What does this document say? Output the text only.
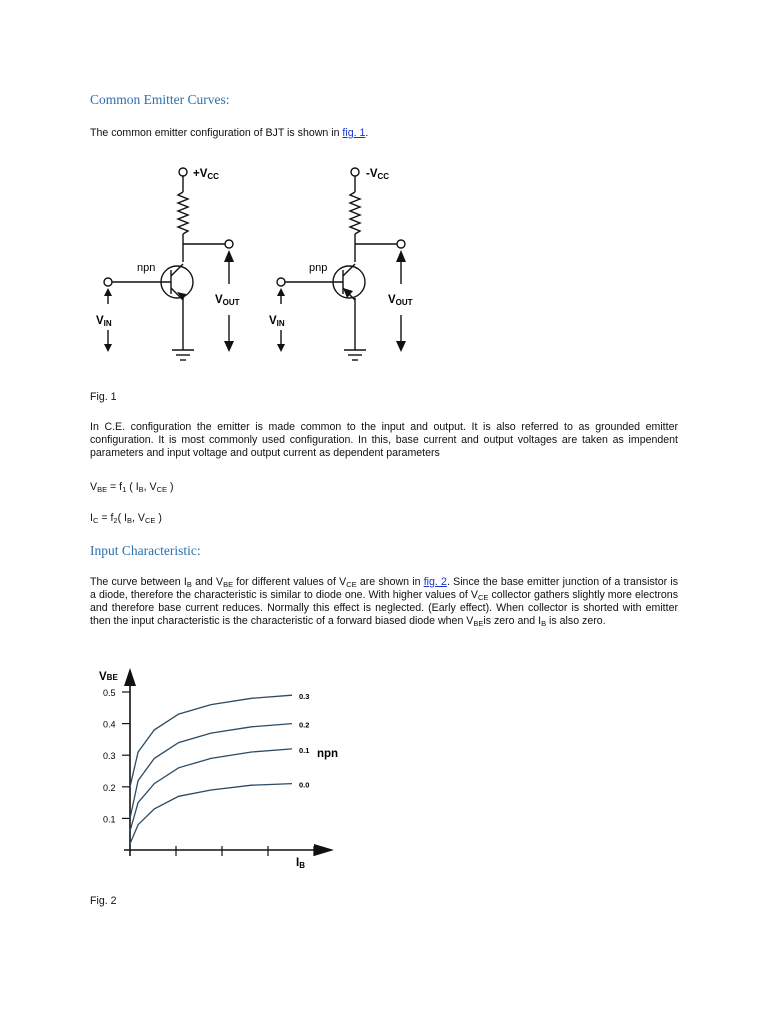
Common Emitter Curves:

The common emitter configuration of BJT is shown in fig. 1.

+VCC
npn
VIN
VOUT
-VCC
pnp
VIN
VOUT

Fig. 1

In C.E. configuration the emitter is made common to the input and output. It is also referred to as grounded emitter configuration. It is most commonly used configuration. In this, base current and output voltages are taken as impendent parameters and input voltage and output current as dependent parameters

$V_{BE} = f_1$ ( $I_B$, $V_{CE}$ )

$I_C = f_2$( $I_B$, $V_{CE}$ )

Input Characteristic:

The curve between $I_B$ and $V_{BE}$ for different values of $V_{CE}$ are shown in fig. 2. Since the base emitter junction of a transistor is a diode, therefore the characteristic is similar to diode one. With higher values of $V_{CE}$ collector gathers slightly more electrons and therefore base current reduces. Normally this effect is neglected. (Early effect). When collector is shorted with emitter then the input characteristic is the characteristic of a forward biased diode when $V_{BE}is$ zero and $I_B$ is also zero.

0.5
0.4
0.3
0.2
0.1
VBE
IB
npn
0.3
0.2
0.1
0.0

Fig. 2
